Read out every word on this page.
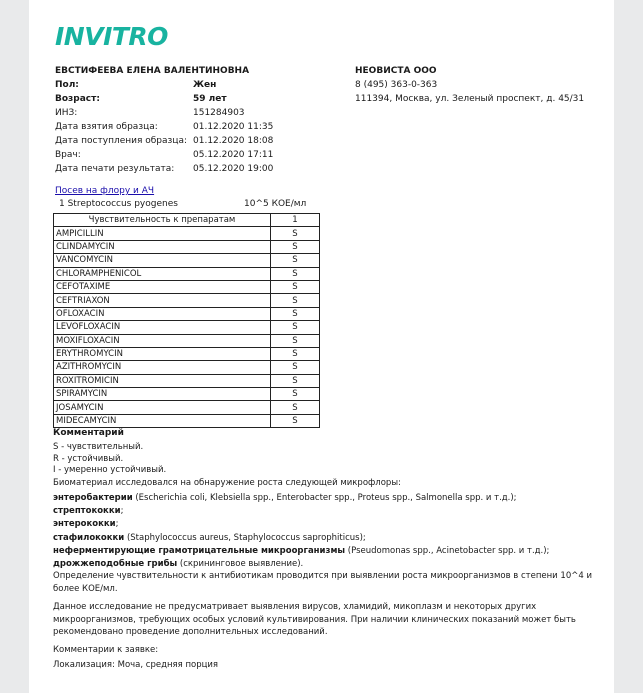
INVITRO
ЕВСТИФЕЕВА ЕЛЕНА ВАЛЕНТИНОВНА
Пол:	Жен
Возраст:	59 лет
ИНЗ:	151284903
Дата взятия образца:	01.12.2020 11:35
Дата поступления образца: 01.12.2020 18:08
Врач:	05.12.2020 17:11
Дата печати результата: 05.12.2020 19:00
НЕОВИСТА ООО
8 (495) 363-0-363
111394, Москва, ул. Зеленый проспект, д. 45/31
Посев на флору и АЧ
1 Streptococcus pyogenes	10^5 КОЕ/мл
Чувствительность к препаратам	1
AMPICILLIN	S
CLINDAMYCIN	S
VANCOMYCIN	S
CHLORAMPHENICOL	S
CEFOTAXIME	S
CEFTRIAXON	S
OFLOXACIN	S
LEVOFLOXACIN	S
MOXIFLOXACIN	S
ERYTHROMYCIN	S
AZITHROMYCIN	S
ROXITROMICIN	S
SPIRAMYCIN	S
JOSAMYCIN	S
MIDECAMYCIN	S
Комментарий
S - чувствительный.
R - устойчивый.
I - умеренно устойчивый.
Биоматериал исследовался на обнаружение роста следующей микрофлоры:
энтеробактерии (Escherichia coli, Klebsiella spp., Enterobacter spp., Proteus spp., Salmonella spp. и т.д.);
стрептококки;
энтерококки;
стафилококки (Staphylococcus aureus, Staphylococcus saprophiticus);
неферментирующие грамотрицательные микроорганизмы (Pseudomonas spp., Acinetobacter spp. и т.д.);
дрожжеподобные грибы (скрининговое выявление).
Определение чувствительности к антибиотикам проводится при выявлении роста микроорганизмов в степени 10^4 и более КОЕ/мл.
Данное исследование не предусматривает выявления вирусов, хламидий, микоплазм и некоторых других микроорганизмов, требующих особых условий культивирования. При наличии клинических показаний может быть рекомендовано проведение дополнительных исследований.
Комментарии к заявке:
Локализация: Моча, средняя порция
